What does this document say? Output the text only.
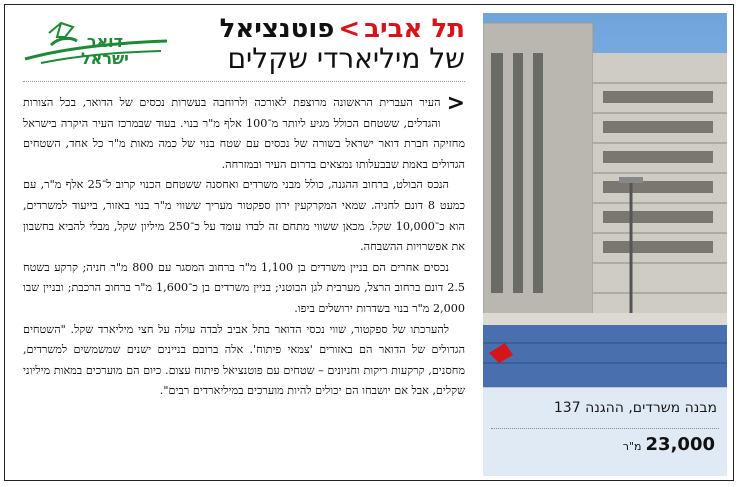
תל אביב>פוטנציאל
של מיליארדי שקלים
דואר
ישראל

<
העיר העברית הראשונה מרוצפת לאורכה ולרוחבה בעשרות נכסים של הדואר, בכל הצורות והגדלים, ששטחם הכולל מגיע ליותר מ־100 אלף מ"ר בנוי. בעוד שבמרכז העיר היקרה בישראל מחזיקה חברת דואר ישראל בשורה של נכסים עם שטח בנוי של כמה מאות מ"ר כל אחד, השטחים הגדולים באמת שבבעלותו נמצאים בדרום העיר ובמזרחה.

הנכס הבולט, ברחוב ההגנה, כולל מבני משרדים ואחסנה ששטחם הכנוי קרוב ל־25 אלף מ"ר, עם כמעט 8 דונם לחניה. שמאי המקרקעין ירון ספקטור מעריך ששווי מ"ר בנוי באזור, בייעוד למשרדים, הוא כ־10,000 שקל. מכאן ששווי מתחם זה לבדו עומד על כ־250 מיליון שקל, מבלי להביא בחשבון את אפשרויות ההשבחה.

נכסים אחרים הם בניין משרדים בן 1,100 מ"ר ברחוב המסגר עם 800 מ"ר חניה; קרקע בשטח 2.5 דונם ברחוב הרצל, מערבית לגן הבוטני; בניין משרדים בן כ־1,600 מ"ר ברחוב הרכבת; ובניין שבו 2,000 מ"ר בנוי בשדרות ירושלים ביפו.

להערכתו של ספקטור, שווי נכסי הדואר בתל אביב לבדה עולה על חצי מיליארד שקל. "השטחים הגדולים של הדואר הם באזורים 'צמאי פיתוח'. אלה ברובם בניינים ישנים שמשמשים למשרדים, מחסנים, קרקעות ריקות וחניונים – שטחים עם פוטנציאל פיתוח עצום. כיום הם מוערכים במאות מיליוני שקלים, אבל אם יושבחו הם יכולים להיות מוערכים במיליארדים רבים".

מבנה משרדים, ההגנה 137
23,000מ"ר
